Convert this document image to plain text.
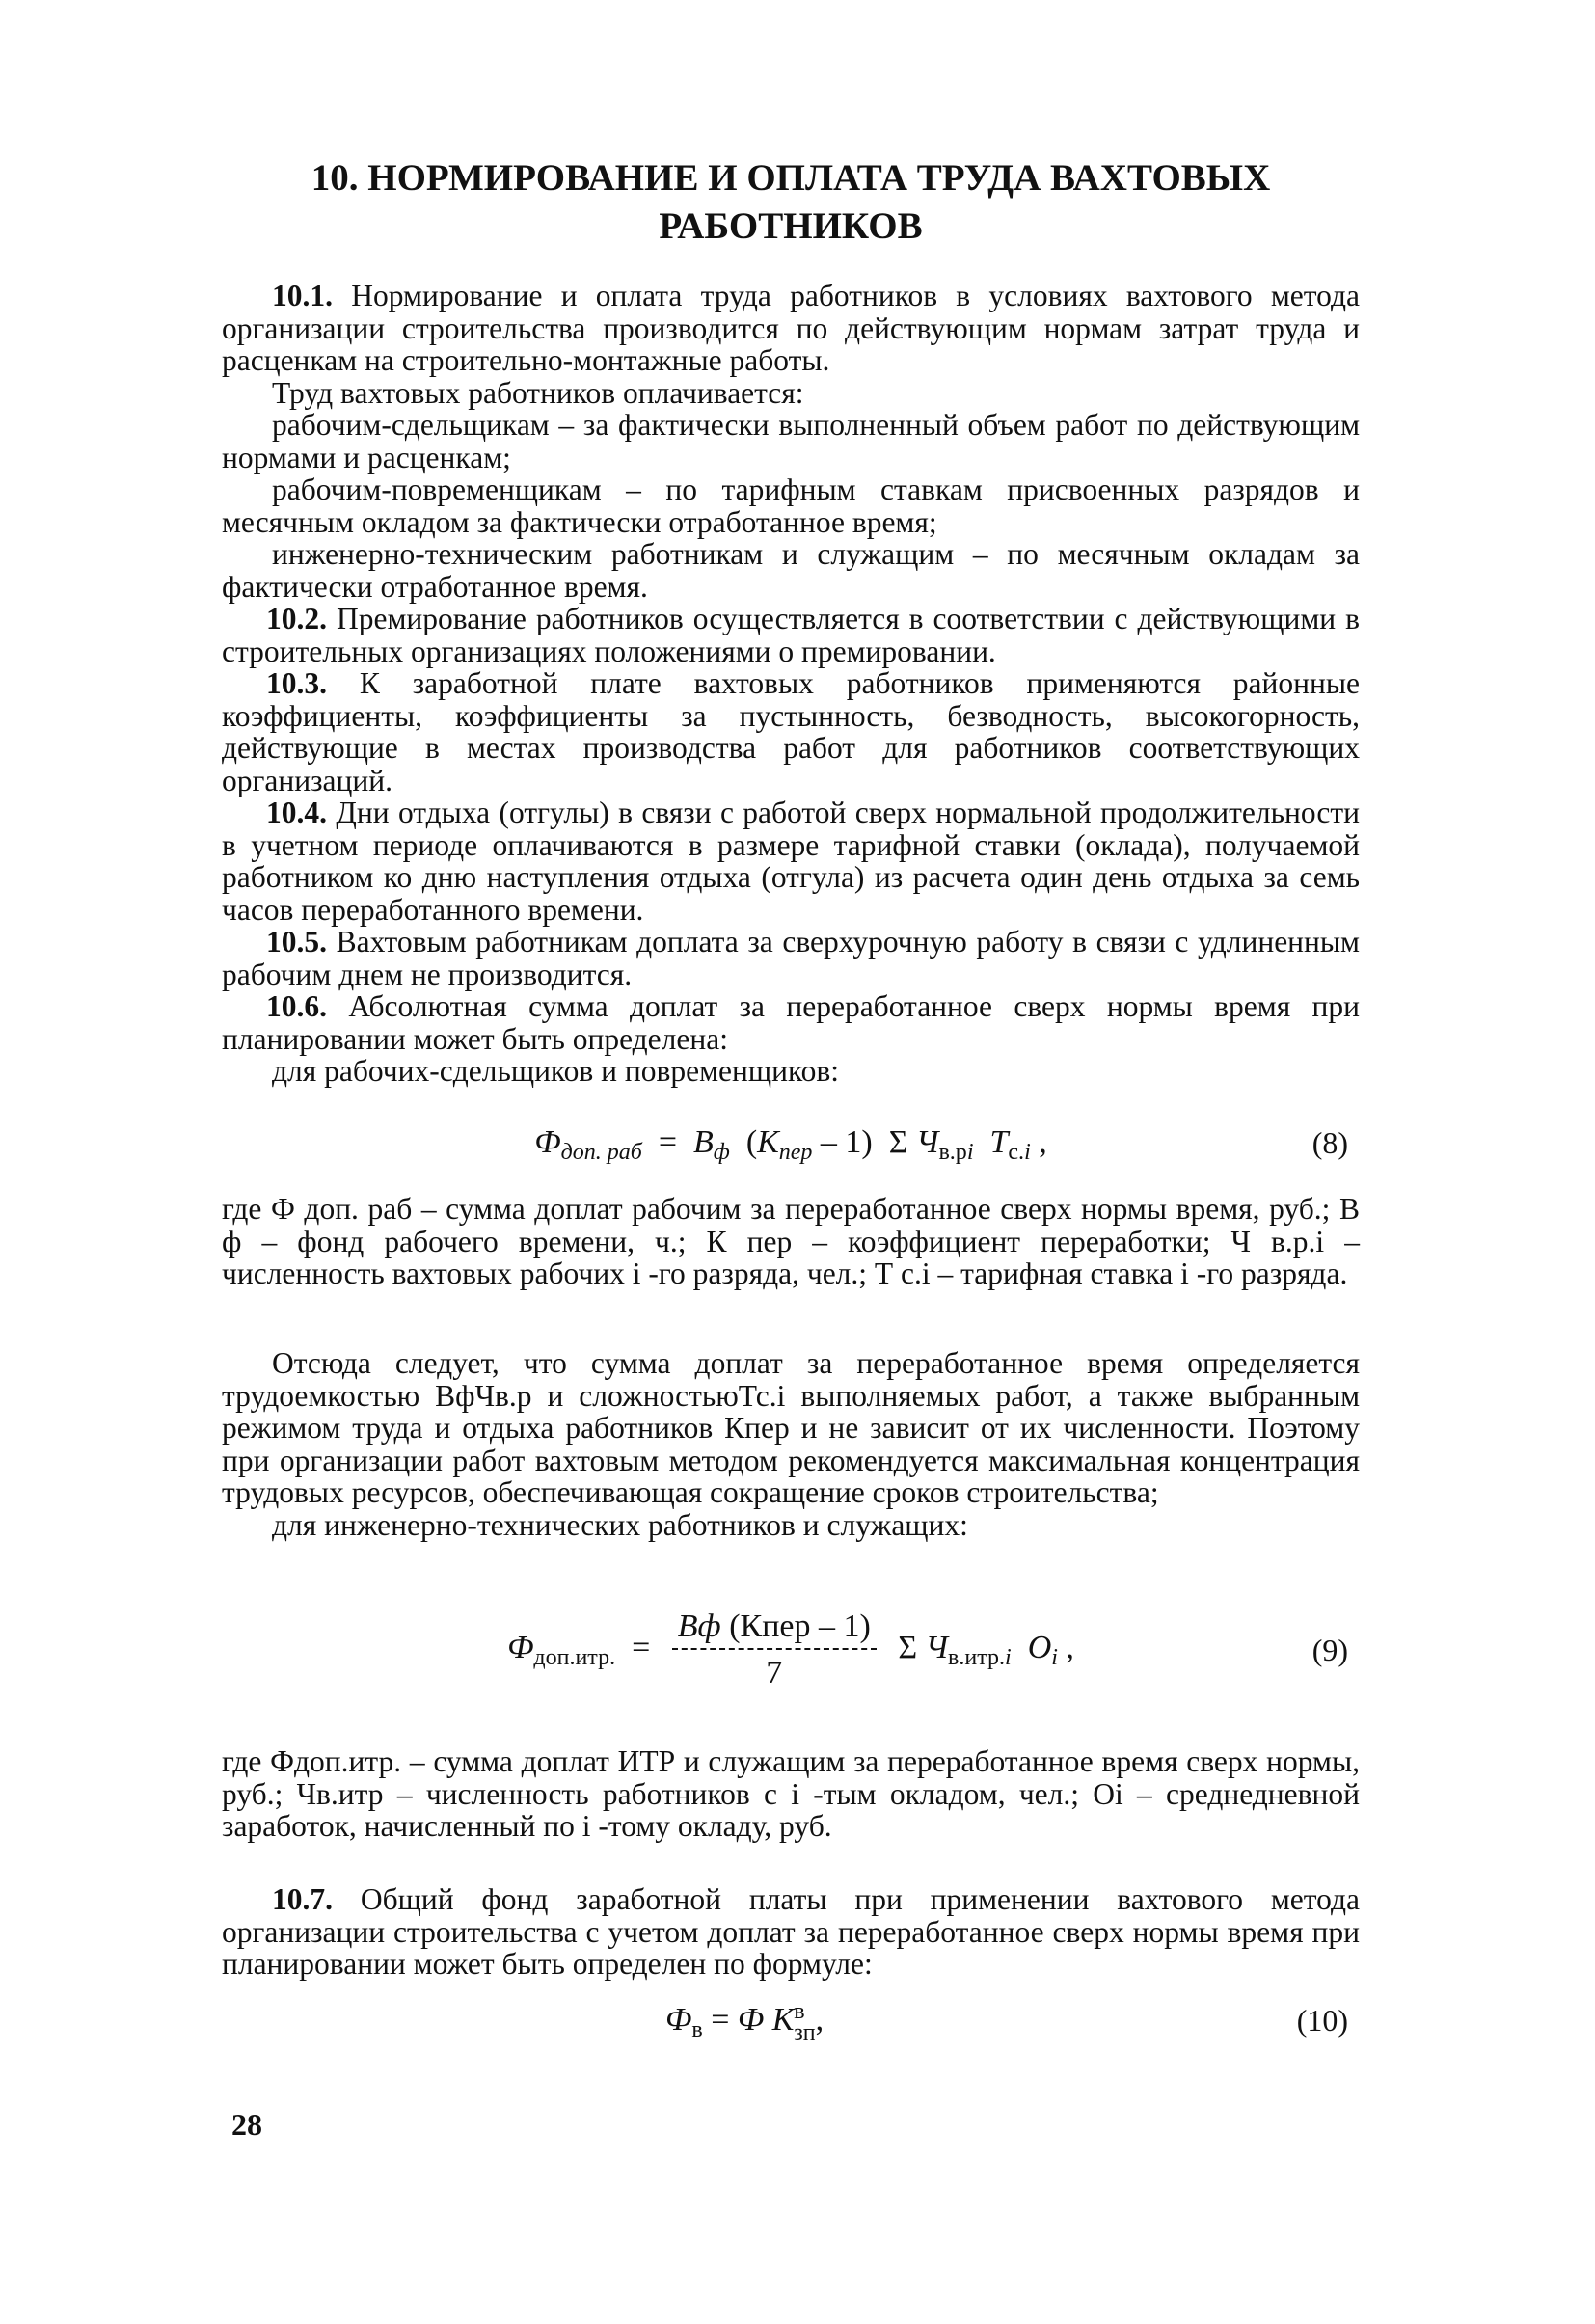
10. НОРМИРОВАНИЕ И ОПЛАТА ТРУДА ВАХТОВЫХ
РАБОТНИКОВ

10.1. Нормирование и оплата труда работников в условиях вахтового метода организации строительства производится по действующим нормам затрат труда и расценкам на строительно-монтажные работы.

Труд вахтовых работников оплачивается:

рабочим-сдельщикам – за фактически выполненный объем работ по действующим нормами и расценкам;

рабочим-повременщикам – по тарифным ставкам присвоенных разрядов и месячным окладом за фактически отработанное время;

инженерно-техническим работникам и служащим – по месячным окладам за фактически отработанное время.

10.2. Премирование работников осуществляется в соответствии с действующими в строительных организациях положениями о премировании.

10.3. К заработной плате вахтовых работников применяются районные коэффициенты, коэффициенты за пустынность, безводность, высокогорность, действующие в местах производства работ для работников соответствующих организаций.

10.4. Дни отдыха (отгулы) в связи с работой сверх нормальной продолжительности в учетном периоде оплачиваются в размере тарифной ставки (оклада), получаемой работником ко дню наступления отдыха (отгула) из расчета один день отдыха за семь часов переработанного времени.

10.5. Вахтовым работникам доплата за сверхурочную работу в связи с удлиненным рабочим днем не производится.

10.6. Абсолютная сумма доплат за переработанное сверх нормы время при планировании может быть определена:

для рабочих-сдельщиков и повременщиков:

$Ф_{доп. раб} = В_ф$  $(К_{пер} - 1)$ Σ $Ч_{в.рi}$ $Т_{с.i}$ ,	(8)

где Ф доп. раб – сумма доплат рабочим за переработанное сверх нормы время, руб.; В ф – фонд рабочего времени, ч.; К пер – коэффициент переработки; Ч в.р.i – численность вахтовых рабочих i -го разряда, чел.; Т с.i – тарифная ставка i -го разряда.

Отсюда следует, что сумма доплат за переработанное время определяется трудоемкостью ВфЧв.р и сложностьюТс.i выполняемых работ, а также выбранным режимом труда и отдыха работников Кпер и не зависит от их численности. Поэтому при организации работ вахтовым методом рекомендуется максимальная концентрация трудовых ресурсов, обеспечивающая сокращение сроков строительства;

для инженерно-технических работников и служащих:

$Ф_{доп.итр.} = \frac{\text{Вф (Кпер – 1)}}{7}$ Σ $Ч_{в.итр.i}$ $О_i$ ,	(9)

где Фдоп.итр. – сумма доплат ИТР и служащим за переработанное время сверх нормы, руб.; Чв.итр – численность работников с i -тым окладом, чел.; Оi – среднедневной заработок, начисленный по i -тому окладу, руб.

10.7. Общий фонд заработной платы при применении вахтового метода организации строительства с учетом доплат за переработанное сверх нормы время при планировании может быть определен по формуле:

$Ф_в = Ф$ К в
зп ,	(10)
28
